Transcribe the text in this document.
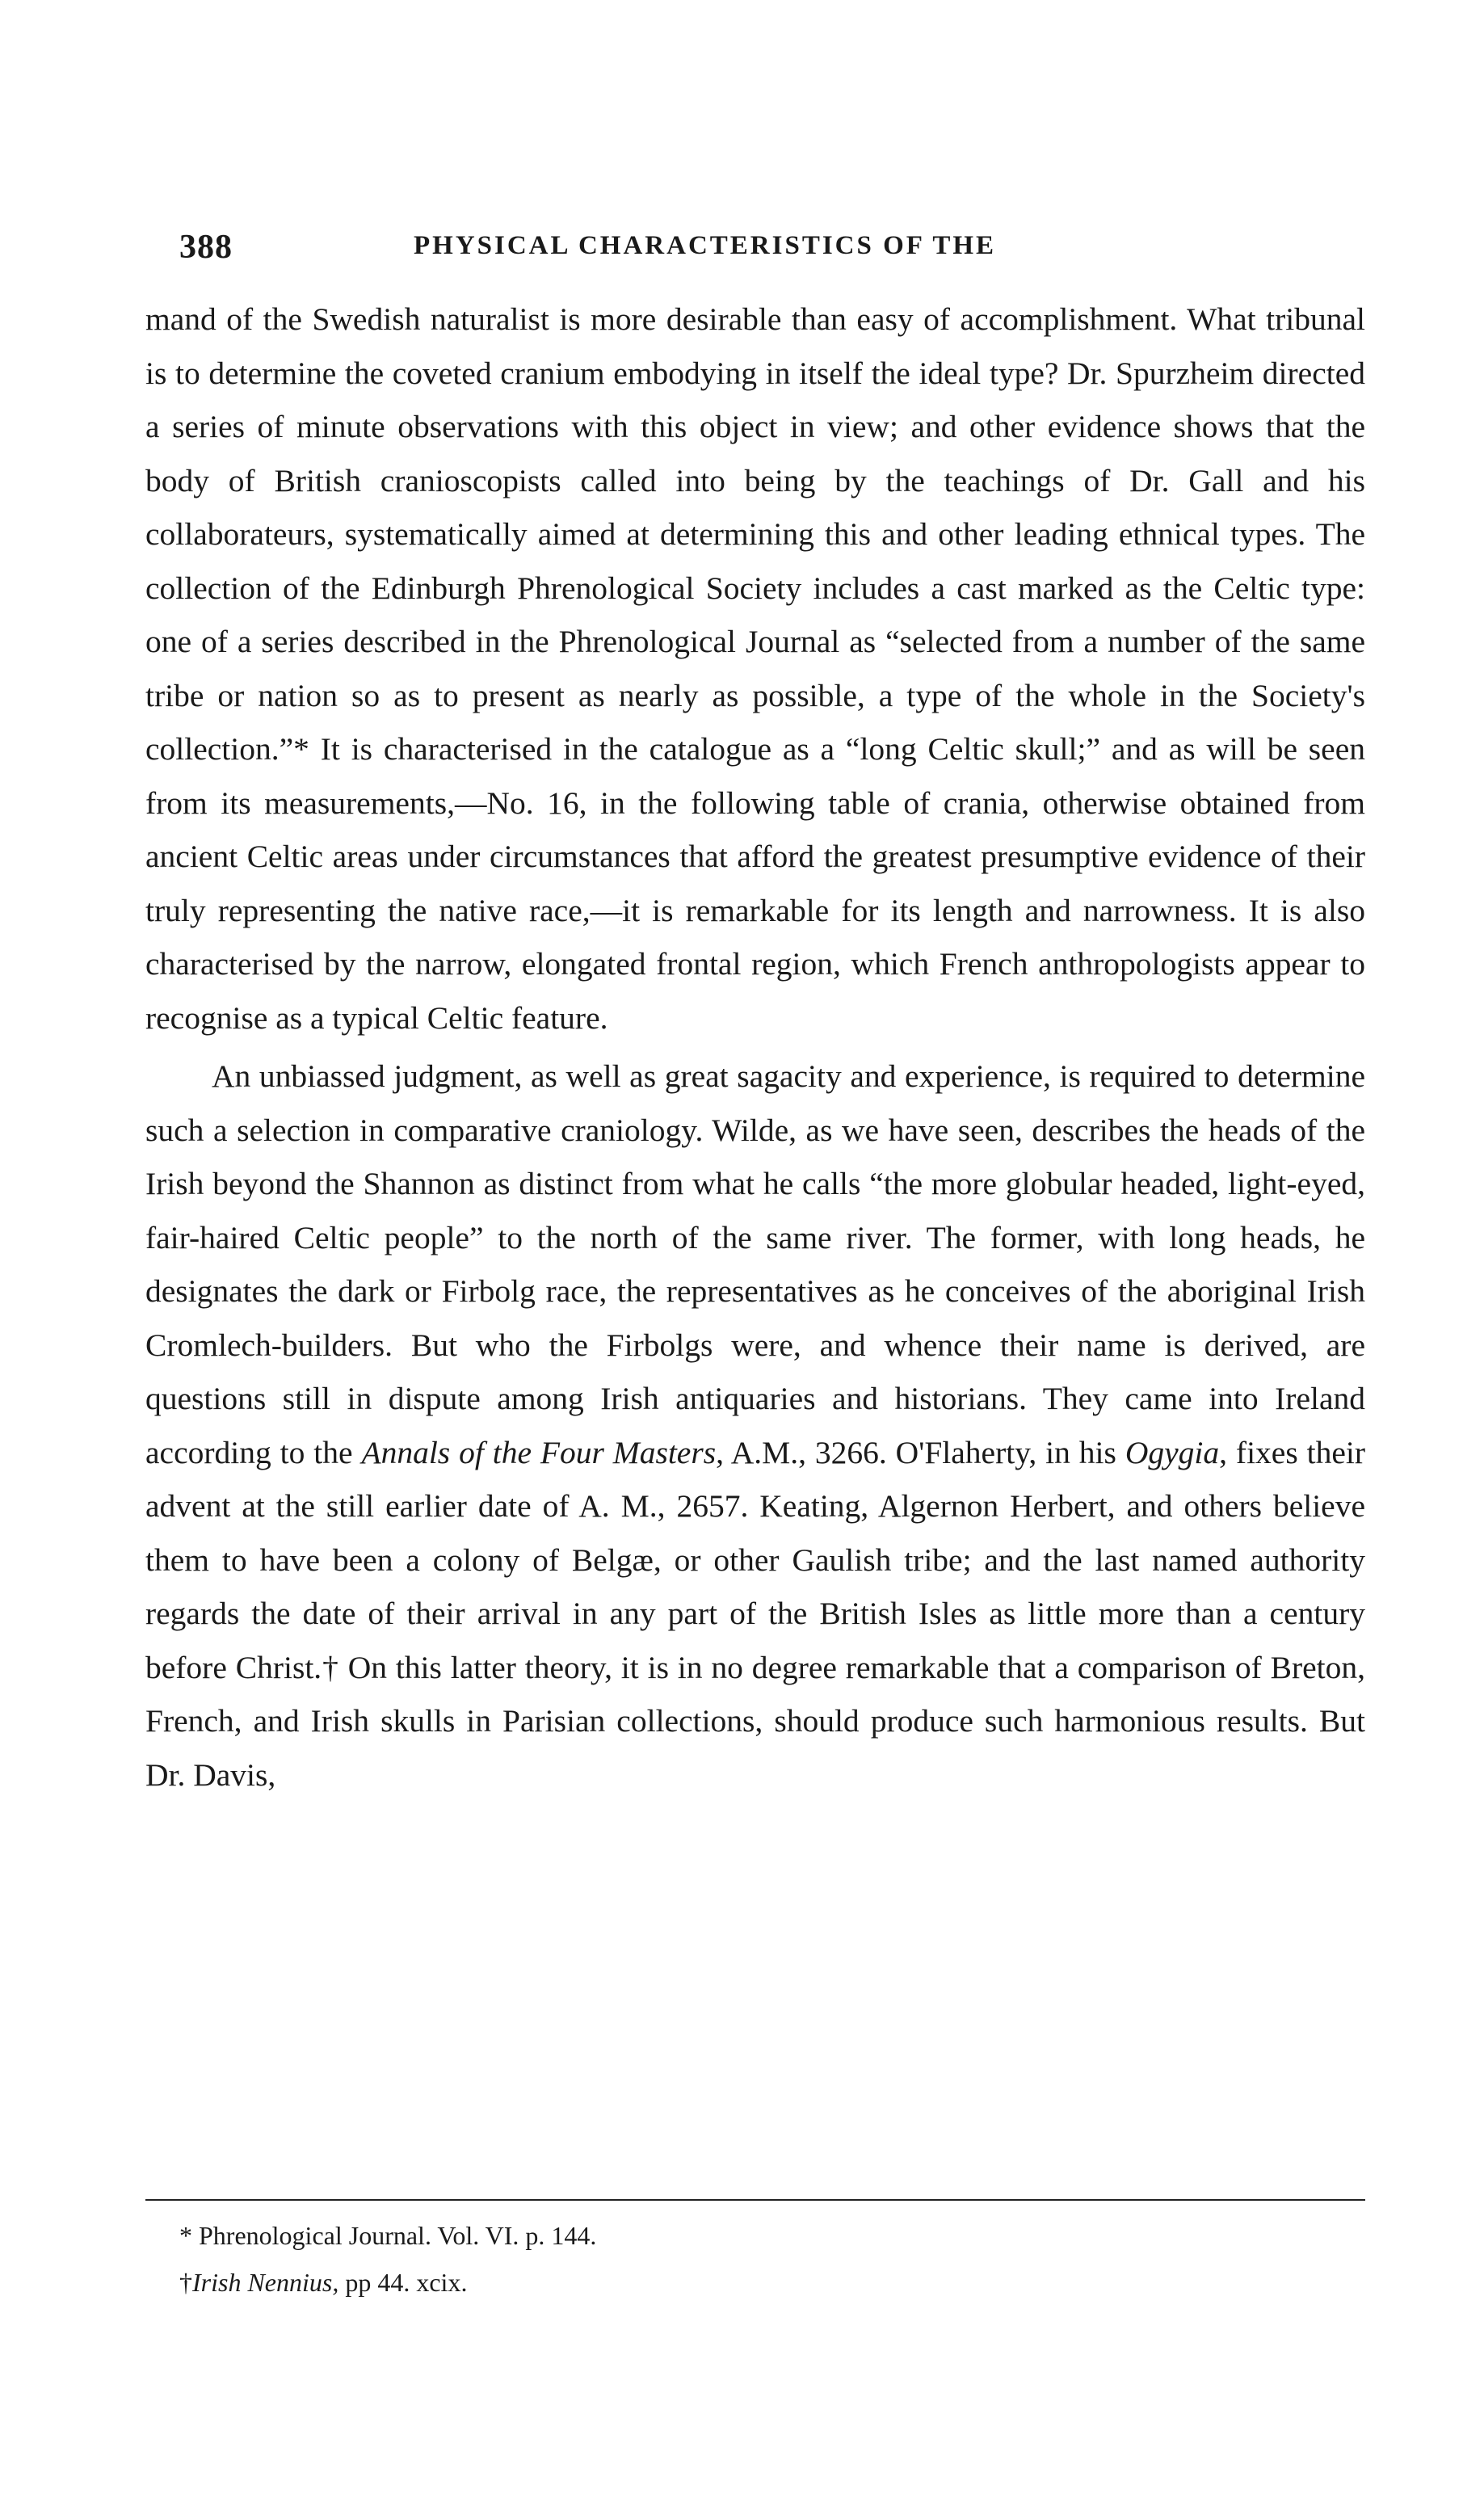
388	PHYSICAL CHARACTERISTICS OF THE

mand of the Swedish naturalist is more desirable than easy of accomplishment. What tribunal is to determine the coveted cranium embodying in itself the ideal type? Dr. Spurzheim directed a series of minute observations with this object in view; and other evidence shows that the body of British cranioscopists called into being by the teachings of Dr. Gall and his collaborateurs, systematically aimed at determining this and other leading ethnical types. The collection of the Edinburgh Phrenological Society includes a cast marked as the Celtic type: one of a series described in the Phrenological Journal as “selected from a number of the same tribe or nation so as to present as nearly as possible, a type of the whole in the Society's collection.”* It is characterised in the catalogue as a “long Celtic skull;” and as will be seen from its measurements,—No. 16, in the following table of crania, otherwise obtained from ancient Celtic areas under circumstances that afford the greatest presumptive evidence of their truly representing the native race,—it is remarkable for its length and narrowness. It is also characterised by the narrow, elongated frontal region, which French anthropologists appear to recognise as a typical Celtic feature.

An unbiassed judgment, as well as great sagacity and experience, is required to determine such a selection in comparative craniology. Wilde, as we have seen, describes the heads of the Irish beyond the Shannon as distinct from what he calls “the more globular headed, light-eyed, fair-haired Celtic people” to the north of the same river. The former, with long heads, he designates the dark or Firbolg race, the representatives as he conceives of the aboriginal Irish Cromlech-builders. But who the Firbolgs were, and whence their name is derived, are questions still in dispute among Irish antiquaries and historians. They came into Ireland according to the Annals of the Four Masters, A.M., 3266. O'Flaherty, in his Ogygia, fixes their advent at the still earlier date of A. M., 2657. Keating, Algernon Herbert, and others believe them to have been a colony of Belgæ, or other Gaulish tribe; and the last named authority regards the date of their arrival in any part of the British Isles as little more than a century before Christ.† On this latter theory, it is in no degree remarkable that a comparison of Breton, French, and Irish skulls in Parisian collections, should produce such harmonious results. But Dr. Davis,

* Phrenological Journal. Vol. VI. p. 144.

†Irish Nennius, pp 44. xcix.
